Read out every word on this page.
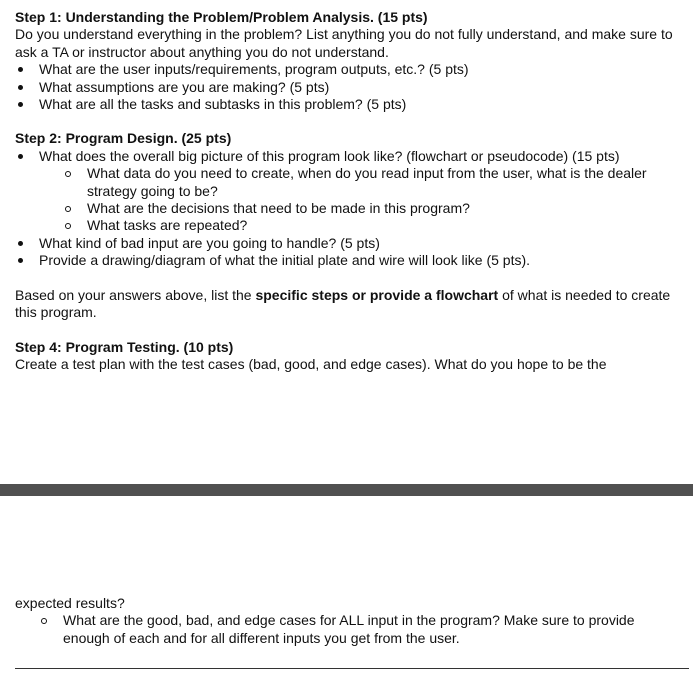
Step 1: Understanding the Problem/Problem Analysis. (15 pts)

Do you understand everything in the problem? List anything you do not fully understand, and make sure to ask a TA or instructor about anything you do not understand.

What are the user inputs/requirements, program outputs, etc.? (5 pts)
What assumptions are you are making? (5 pts)
What are all the tasks and subtasks in this problem? (5 pts)
Step 2: Program Design. (25 pts)
What does the overall big picture of this program look like? (flowchart or pseudocode) (15 pts)
What data do you need to create, when do you read input from the user, what is the dealer strategy going to be?
What are the decisions that need to be made in this program?
What tasks are repeated?
What kind of bad input are you going to handle? (5 pts)
Provide a drawing/diagram of what the initial plate and wire will look like (5 pts).

Based on your answers above, list the specific steps or provide a flowchart of what is needed to create this program.

Step 4: Program Testing. (10 pts)

Create a test plan with the test cases (bad, good, and edge cases). What do you hope to be the

expected results?

What are the good, bad, and edge cases for ALL input in the program? Make sure to provide enough of each and for all different inputs you get from the user.
